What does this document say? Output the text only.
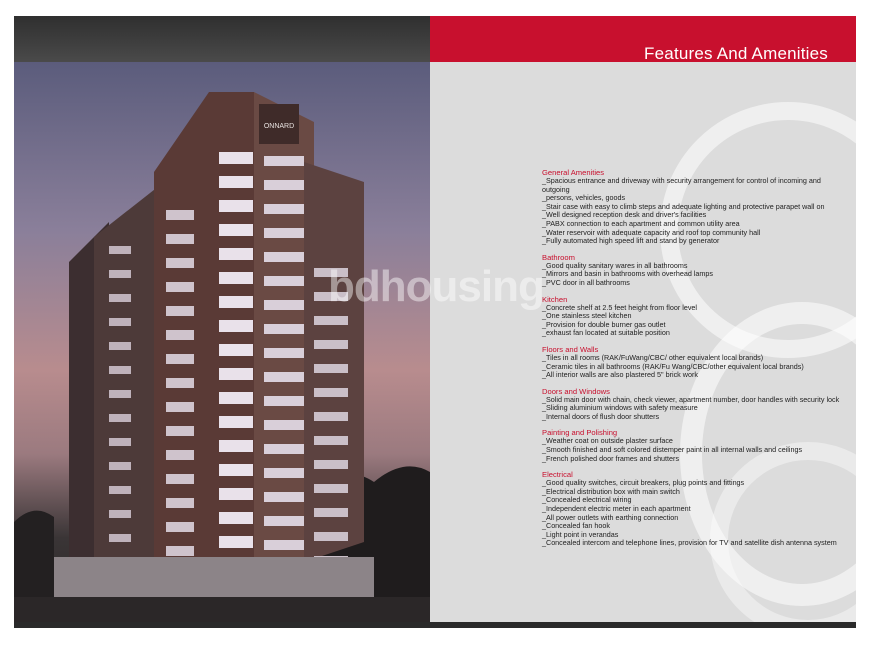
ONNARD
General Amenities
_Spacious entrance and driveway with security arrangement for control of incoming and outgoing
_persons, vehicles, goods
_Stair case with easy to climb steps and adequate lighting and protective parapet wall on
_Well designed reception desk and driver's facilities
_PABX connection to each apartment and common utility area
_Water reservoir with adequate capacity and roof top community hall
_Fully automated high speed lift and stand by generator
Bathroom
_Good quality sanitary wares in all bathrooms
_Mirrors and basin in bathrooms with overhead lamps
_PVC door in all bathrooms
Kitchen
_Concrete shelf at 2.5 feet height from floor level
_One stainless steel kitchen
_Provision for double burner gas outlet
_exhaust fan located at suitable position
Floors and Walls
_Tiles in all rooms (RAK/FuWang/CBC/ other equivalent local brands)
_Ceramic tiles in all bathrooms (RAK/Fu Wang/CBC/other equivalent local brands)
_All interior walls are also plastered 5" brick work
Doors and Windows
_Solid main door with chain, check viewer, apartment number, door handles with security lock
_Sliding aluminium windows with safety measure
_Internal doors of flush door shutters
Painting and Polishing
_Weather coat on outside plaster surface
_Smooth finished and soft colored distemper paint in all internal walls and ceilings
_French polished door frames and shutters
Electrical
_Good quality switches, circuit breakers, plug points and fittings
_Electrical distribution box with main switch
_Concealed electrical wiring
_Independent electric meter in each apartment
_All power outlets with earthing connection
_Concealed fan hook
_Light point in verandas
_Concealed intercom and telephone lines, provision for TV and satellite dish antenna system
Features And Amenities
bdhousing
